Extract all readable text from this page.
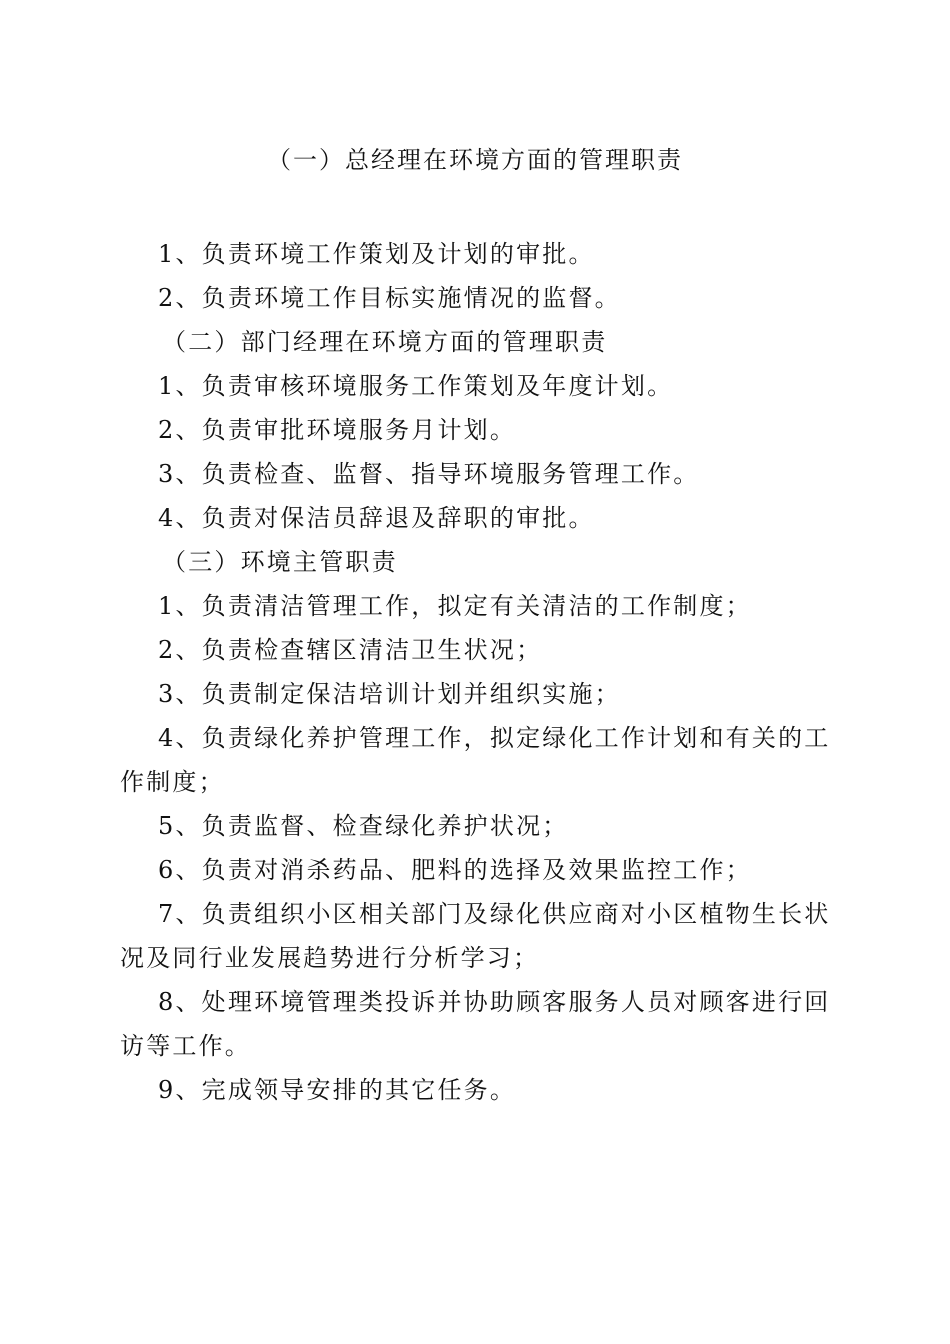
（一）总经理在环境方面的管理职责
1、负责环境工作策划及计划的审批。
2、负责环境工作目标实施情况的监督。
（二）部门经理在环境方面的管理职责
1、负责审核环境服务工作策划及年度计划。
2、负责审批环境服务月计划。
3、负责检查、监督、指导环境服务管理工作。
4、负责对保洁员辞退及辞职的审批。
（三）环境主管职责
1、负责清洁管理工作，拟定有关清洁的工作制度；
2、负责检查辖区清洁卫生状况；
3、负责制定保洁培训计划并组织实施；
4、负责绿化养护管理工作，拟定绿化工作计划和有关的工作制度；
5、负责监督、检查绿化养护状况；
6、负责对消杀药品、肥料的选择及效果监控工作；
7、负责组织小区相关部门及绿化供应商对小区植物生长状况及同行业发展趋势进行分析学习；
8、处理环境管理类投诉并协助顾客服务人员对顾客进行回访等工作。
9、完成领导安排的其它任务。
